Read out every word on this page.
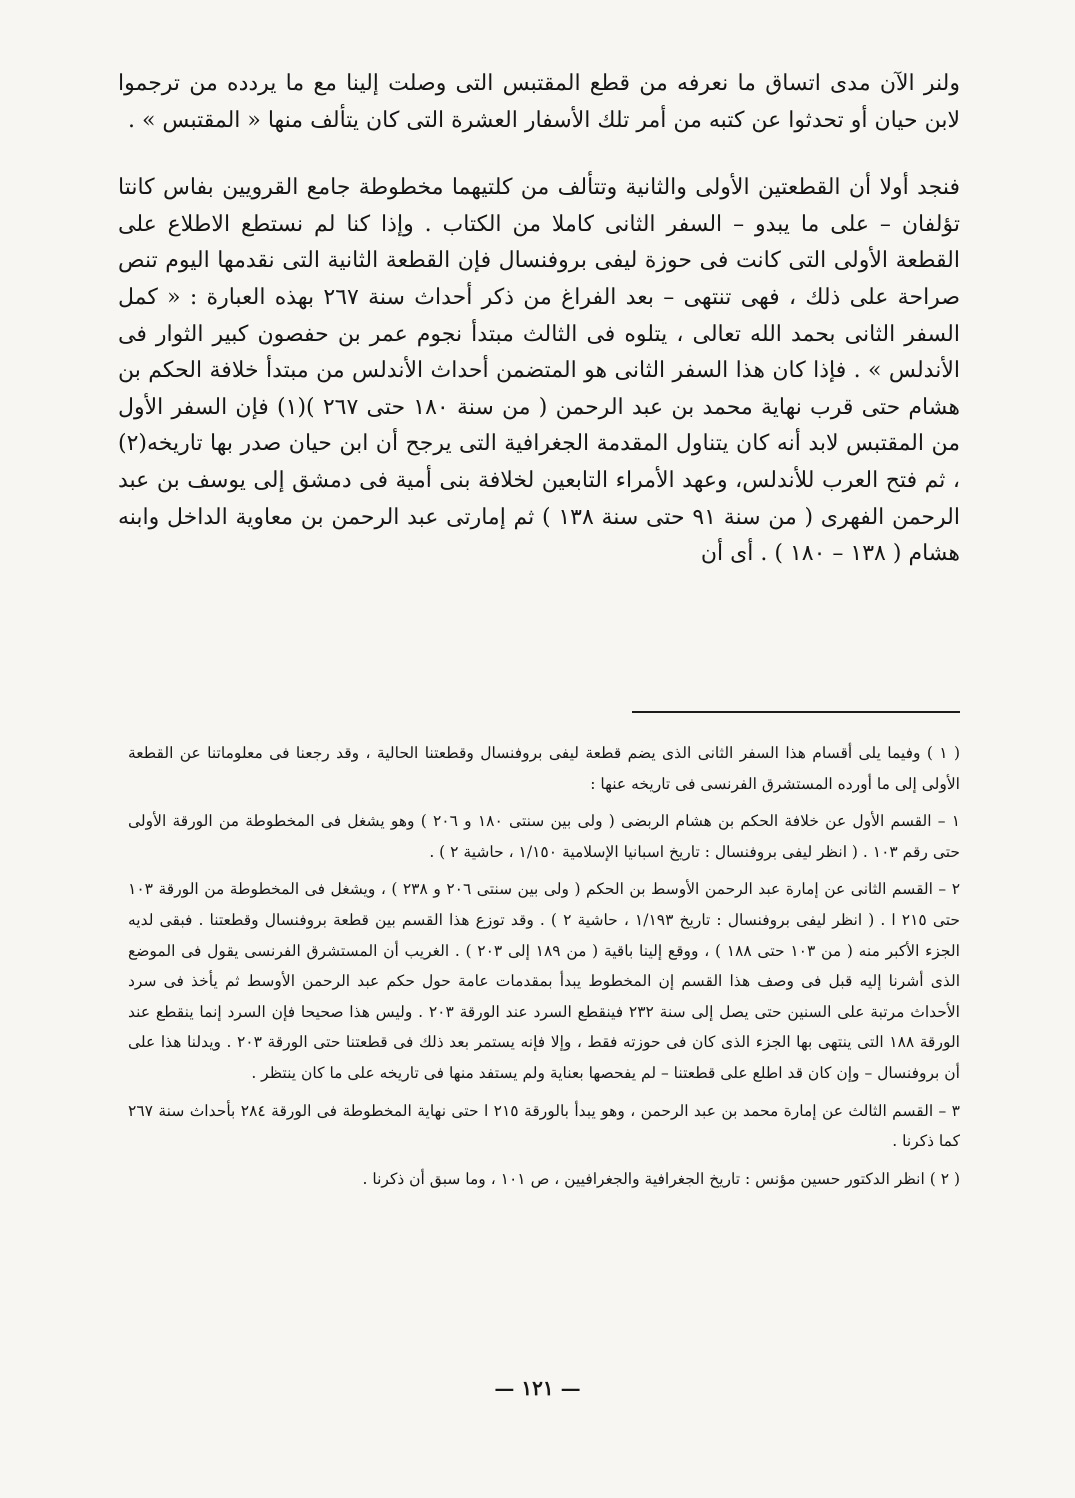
ولنر الآن مدى اتساق ما نعرفه من قطع المقتبس التى وصلت إلينا مع ما يردده من ترجموا لابن حيان أو تحدثوا عن كتبه من أمر تلك الأسفار العشرة التى كان يتألف منها « المقتبس » .

فنجد أولا أن القطعتين الأولى والثانية وتتألف من كلتيهما مخطوطة جامع القرويين بفاس كانتا تؤلفان – على ما يبدو – السفر الثانى كاملا من الكتاب . وإذا كنا لم نستطع الاطلاع على القطعة الأولى التى كانت فى حوزة ليفى بروفنسال فإن القطعة الثانية التى نقدمها اليوم تنص صراحة على ذلك ، فهى تنتهى – بعد الفراغ من ذكر أحداث سنة ٢٦٧ بهذه العبارة : « كمل السفر الثانى بحمد الله تعالى ، يتلوه فى الثالث مبتدأ نجوم عمر بن حفصون كبير الثوار فى الأندلس » . فإذا كان هذا السفر الثانى هو المتضمن أحداث الأندلس من مبتدأ خلافة الحكم بن هشام حتى قرب نهاية محمد بن عبد الرحمن ( من سنة ١٨٠ حتى ٢٦٧ )(١) فإن السفر الأول من المقتبس لابد أنه كان يتناول المقدمة الجغرافية التى يرجح أن ابن حيان صدر بها تاريخه(٢) ، ثم فتح العرب للأندلس، وعهد الأمراء التابعين لخلافة بنى أمية فى دمشق إلى يوسف بن عبد الرحمن الفهرى ( من سنة ٩١ حتى سنة ١٣٨ ) ثم إمارتى عبد الرحمن بن معاوية الداخل وابنه هشام ( ١٣٨ – ١٨٠ ) . أى أن

( ١ ) وفيما يلى أقسام هذا السفر الثانى الذى يضم قطعة ليفى بروفنسال وقطعتنا الحالية ، وقد رجعنا فى معلوماتنا عن القطعة الأولى إلى ما أورده المستشرق الفرنسى فى تاريخه عنها :

١ – القسم الأول عن خلافة الحكم بن هشام الربضى ( ولى بين سنتى ١٨٠ و ٢٠٦ ) وهو يشغل فى المخطوطة من الورقة الأولى حتى رقم ١٠٣ . ( انظر ليفى بروفنسال : تاريخ اسبانيا الإسلامية ١/١٥٠ ، حاشية ٢ ) .

٢ – القسم الثانى عن إمارة عبد الرحمن الأوسط بن الحكم ( ولى بين سنتى ٢٠٦ و ٢٣٨ ) ، ويشغل فى المخطوطة من الورقة ١٠٣ حتى ٢١٥ ا . ( انظر ليفى بروفنسال : تاريخ ١/١٩٣ ، حاشية ٢ ) . وقد توزع هذا القسم بين قطعة بروفنسال وقطعتنا . فبقى لديه الجزء الأكبر منه ( من ١٠٣ حتى ١٨٨ ) ، ووقع إلينا باقية ( من ١٨٩ إلى ٢٠٣ ) . الغريب أن المستشرق الفرنسى يقول فى الموضع الذى أشرنا إليه قبل فى وصف هذا القسم إن المخطوط يبدأ بمقدمات عامة حول حكم عبد الرحمن الأوسط ثم يأخذ فى سرد الأحداث مرتبة على السنين حتى يصل إلى سنة ٢٣٢ فينقطع السرد عند الورقة ٢٠٣ . وليس هذا صحيحا فإن السرد إنما ينقطع عند الورقة ١٨٨ التى ينتهى بها الجزء الذى كان فى حوزته فقط ، وإلا فإنه يستمر بعد ذلك فى قطعتنا حتى الورقة ٢٠٣ . ويدلنا هذا على أن بروفنسال – وإن كان قد اطلع على قطعتنا – لم يفحصها بعناية ولم يستفد منها فى تاريخه على ما كان ينتظر .

٣ – القسم الثالث عن إمارة محمد بن عبد الرحمن ، وهو يبدأ بالورقة ٢١٥ ا حتى نهاية المخطوطة فى الورقة ٢٨٤ بأحداث سنة ٢٦٧ كما ذكرنا .

( ٢ ) انظر الدكتور حسين مؤنس : تاريخ الجغرافية والجغرافيين ، ص ١٠١ ، وما سبق أن ذكرنا .

— ١٢١ —
